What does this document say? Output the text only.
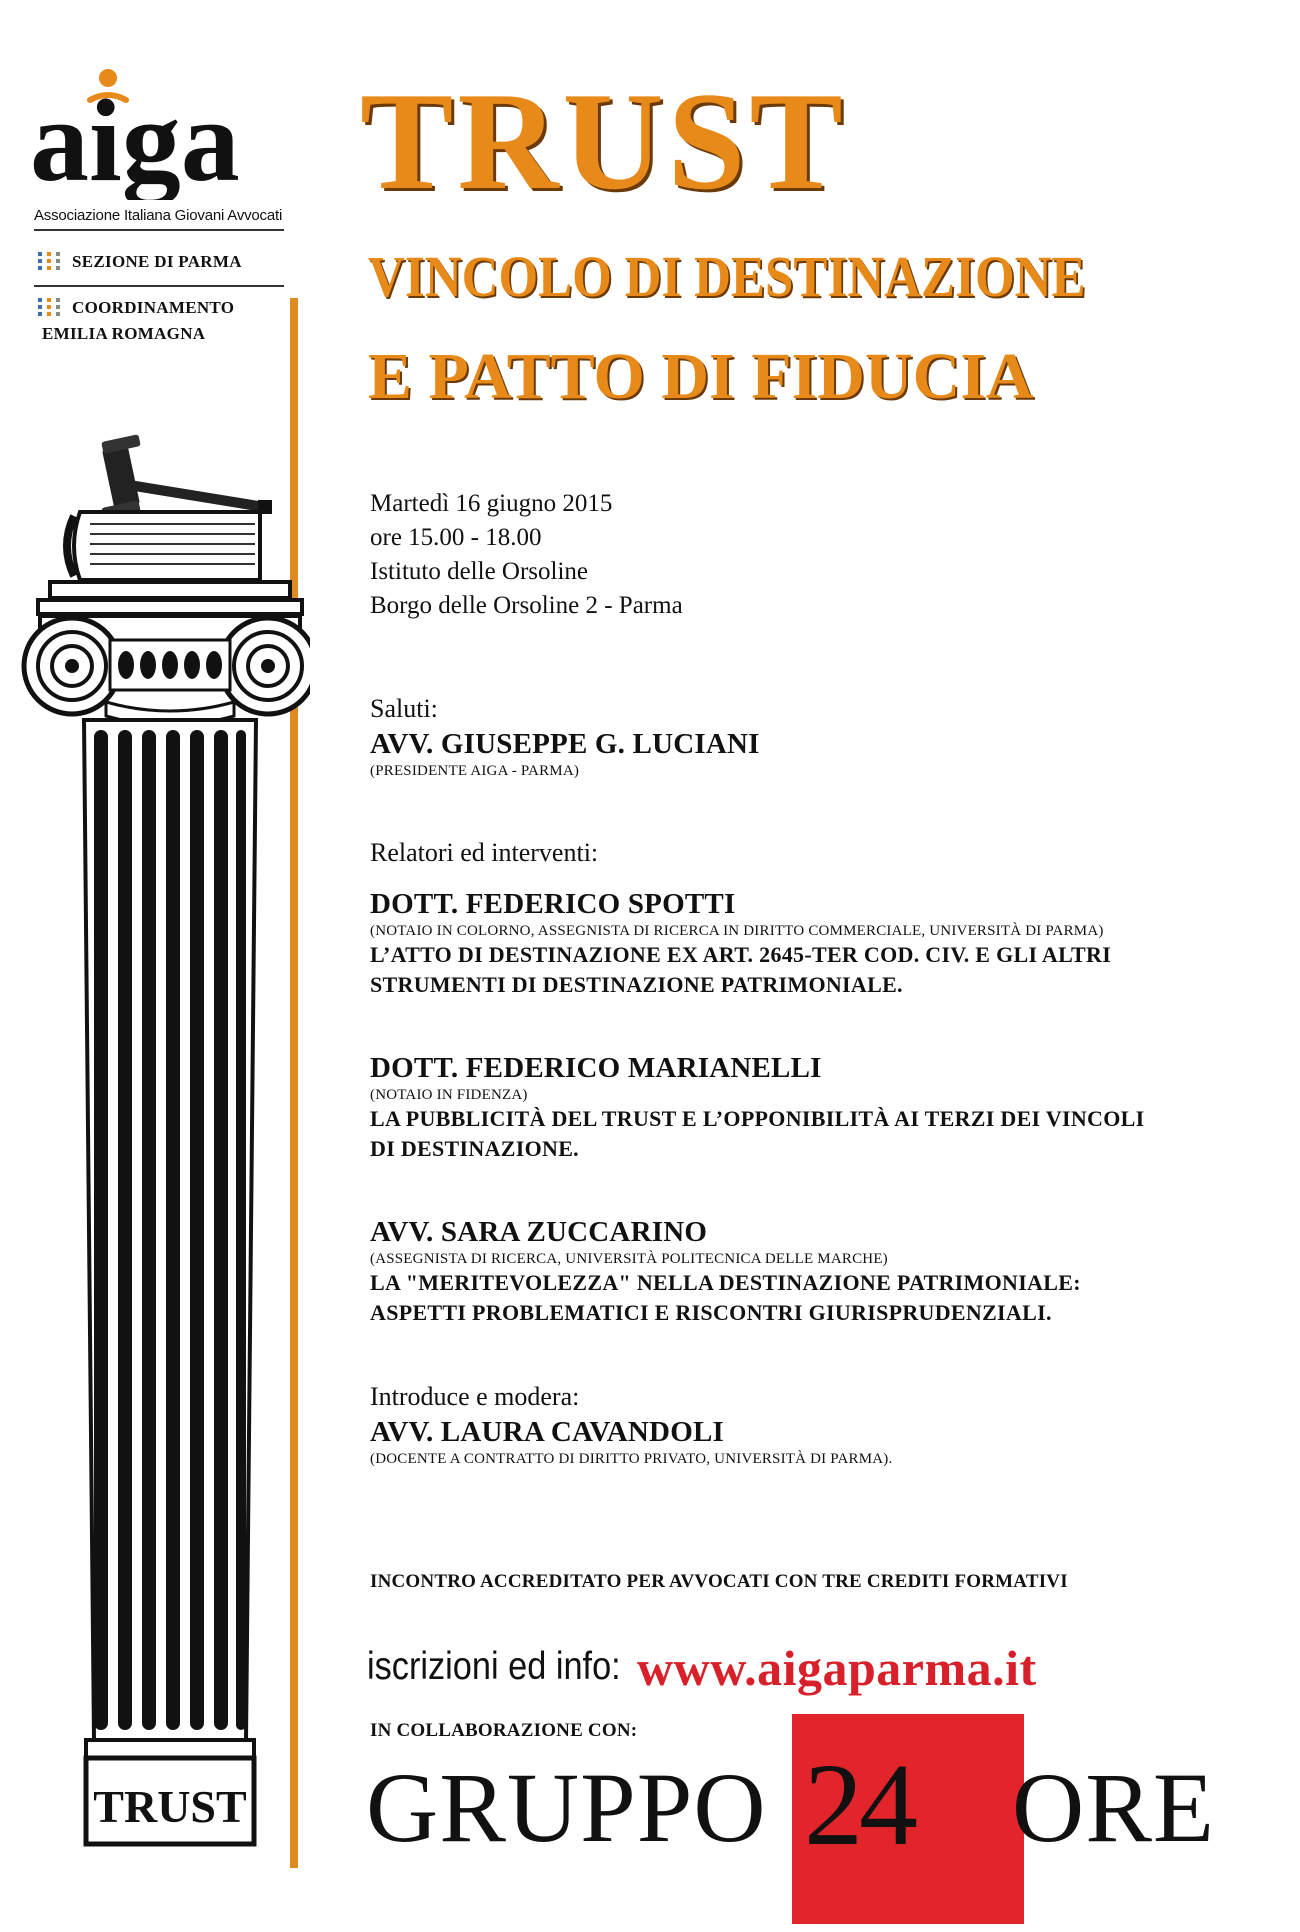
aiga
Associazione Italiana Giovani Avvocati
SEZIONE DI PARMA
COORDINAMENTO
EMILIA ROMAGNA
TRUST
TRUST
VINCOLO DI DESTINAZIONE
E PATTO DI FIDUCIA
Martedì 16 giugno 2015
ore 15.00 - 18.00
Istituto delle Orsoline
Borgo delle Orsoline 2 - Parma
Saluti:
AVV. GIUSEPPE G. LUCIANI
(PRESIDENTE AIGA - PARMA)
Relatori ed interventi:
DOTT. FEDERICO SPOTTI
(NOTAIO IN COLORNO, ASSEGNISTA DI RICERCA IN DIRITTO COMMERCIALE, UNIVERSITÀ DI PARMA)
L’ATTO DI DESTINAZIONE EX ART. 2645-TER COD. CIV. E GLI ALTRI
STRUMENTI DI DESTINAZIONE PATRIMONIALE.
DOTT. FEDERICO MARIANELLI
(NOTAIO IN FIDENZA)
LA PUBBLICITÀ DEL TRUST E L’OPPONIBILITÀ AI TERZI DEI VINCOLI
DI DESTINAZIONE.
AVV. SARA ZUCCARINO
(ASSEGNISTA DI RICERCA, UNIVERSITÀ POLITECNICA DELLE MARCHE)
LA "MERITEVOLEZZA" NELLA DESTINAZIONE PATRIMONIALE:
ASPETTI PROBLEMATICI E RISCONTRI GIURISPRUDENZIALI.
Introduce e modera:
AVV. LAURA CAVANDOLI
(DOCENTE A CONTRATTO DI DIRITTO PRIVATO, UNIVERSITÀ DI PARMA).
INCONTRO ACCREDITATO PER AVVOCATI CON TRE CREDITI FORMATIVI
iscrizioni ed info: www.aigaparma.it
GRUPPO 24 ORE
IN COLLABORAZIONE CON:
